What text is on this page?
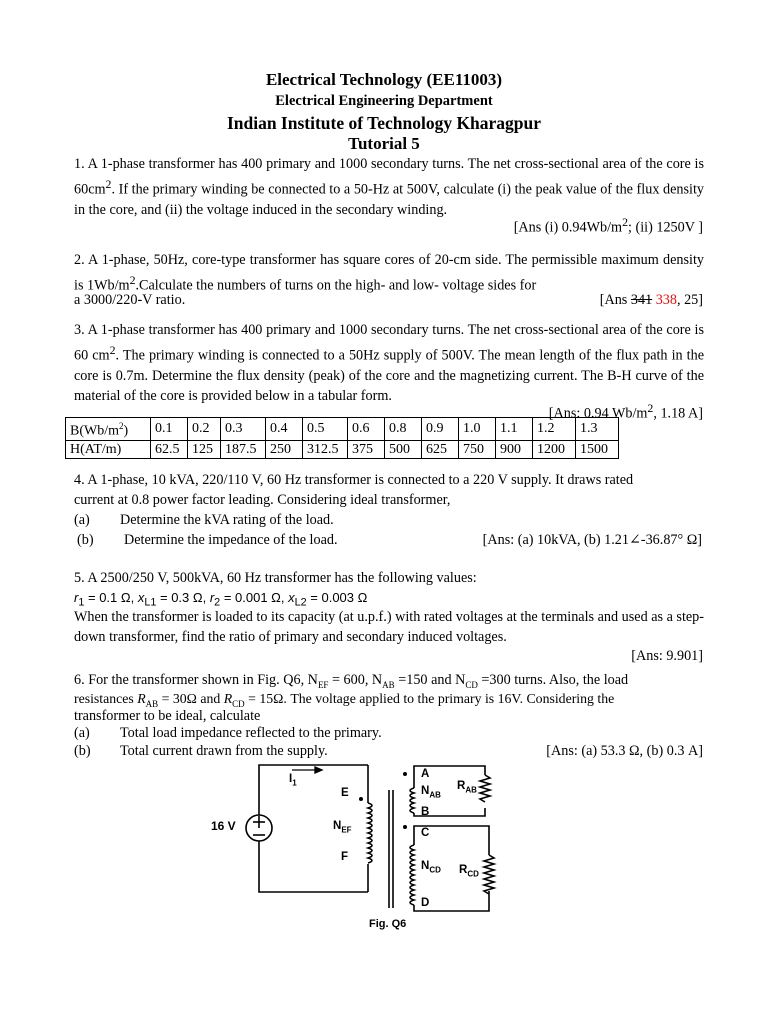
Electrical Technology (EE11003)
Electrical Engineering Department
Indian Institute of Technology Kharagpur
Tutorial 5
1. A 1-phase transformer has 400 primary and 1000 secondary turns. The net cross-sectional area of the core is $60cm^2$. If the primary winding be connected to a 50-Hz at 500V, calculate (i) the peak value of the flux density in the core, and (ii) the voltage induced in the secondary winding.
[Ans (i) $0.94Wb/m^2$; (ii) 1250V ]
2. A 1-phase, 50Hz, core-type transformer has square cores of 20-cm side. The permissible maximum density is $1Wb/m^2.Calculate$ the numbers of turns on the high- and low- voltage sides for
a 3000/220-V ratio.	[Ans 341 338, 25]
3. A 1-phase transformer has 400 primary and 1000 secondary turns. The net cross-sectional area of the core is 60 $cm^2$. The primary winding is connected to a 50Hz supply of 500V. The mean length of the flux path in the core is 0.7m. Determine the flux density (peak) of the core and the magnetizing current. The B-H curve of the material of the core is provided below in a tabular form.
[Ans: 0.94 $Wb/m^2$, 1.18 A]
$B(Wb/m^2)$	0.1	0.2	0.3	0.4	0.5	0.6	0.8	0.9	1.0	1.1	1.2	1.3
H(AT/m)	62.5	125	187.5	250	312.5	375	500	625	750	900	1200	1500
4. A 1-phase, 10 kVA, 220/110 V, 60 Hz transformer is connected to a 220 V supply. It draws rated
current at 0.8 power factor leading. Considering ideal transformer,
(a) Determine the kVA rating of the load.
(b) Determine the impedance of the load.	[Ans: (a) 10kVA, (b) 1.21∠-36.87° Ω]
5. A 2500/250 V, 500kVA, 60 Hz transformer has the following values:
$r_1 = 0.1$ Ω, $x_{L1} = 0.3$ Ω, $r_2 = 0.001$ Ω, $x_{L2} = 0.003$ Ω
When the transformer is loaded to its capacity (at u.p.f.) with rated voltages at the terminals and used as a step-down transformer, find the ratio of primary and secondary induced voltages.
[Ans: 9.901]
6. For the transformer shown in Fig. Q6, $N_{EF} = 600$, $N_{AB} =150$ and $N_{CD} =300$ turns. Also, the load
resistances $R_{AB} = 30\Omega$ and $R_{CD} = 15\Omega$. The voltage applied to the primary is 16V. Considering the
transformer to be ideal, calculate
(a) Total load impedance reflected to the primary.
(b) Total current drawn from the supply.	[Ans: (a) 53.3 Ω, (b) 0.3 A]
16 V
$I_1$
E
F
$N_{EF}$
A
$N_{AB}$
B
$R_{AB}$
C
$N_{CD}$ $R_{CD}$
D
Fig. Q6
